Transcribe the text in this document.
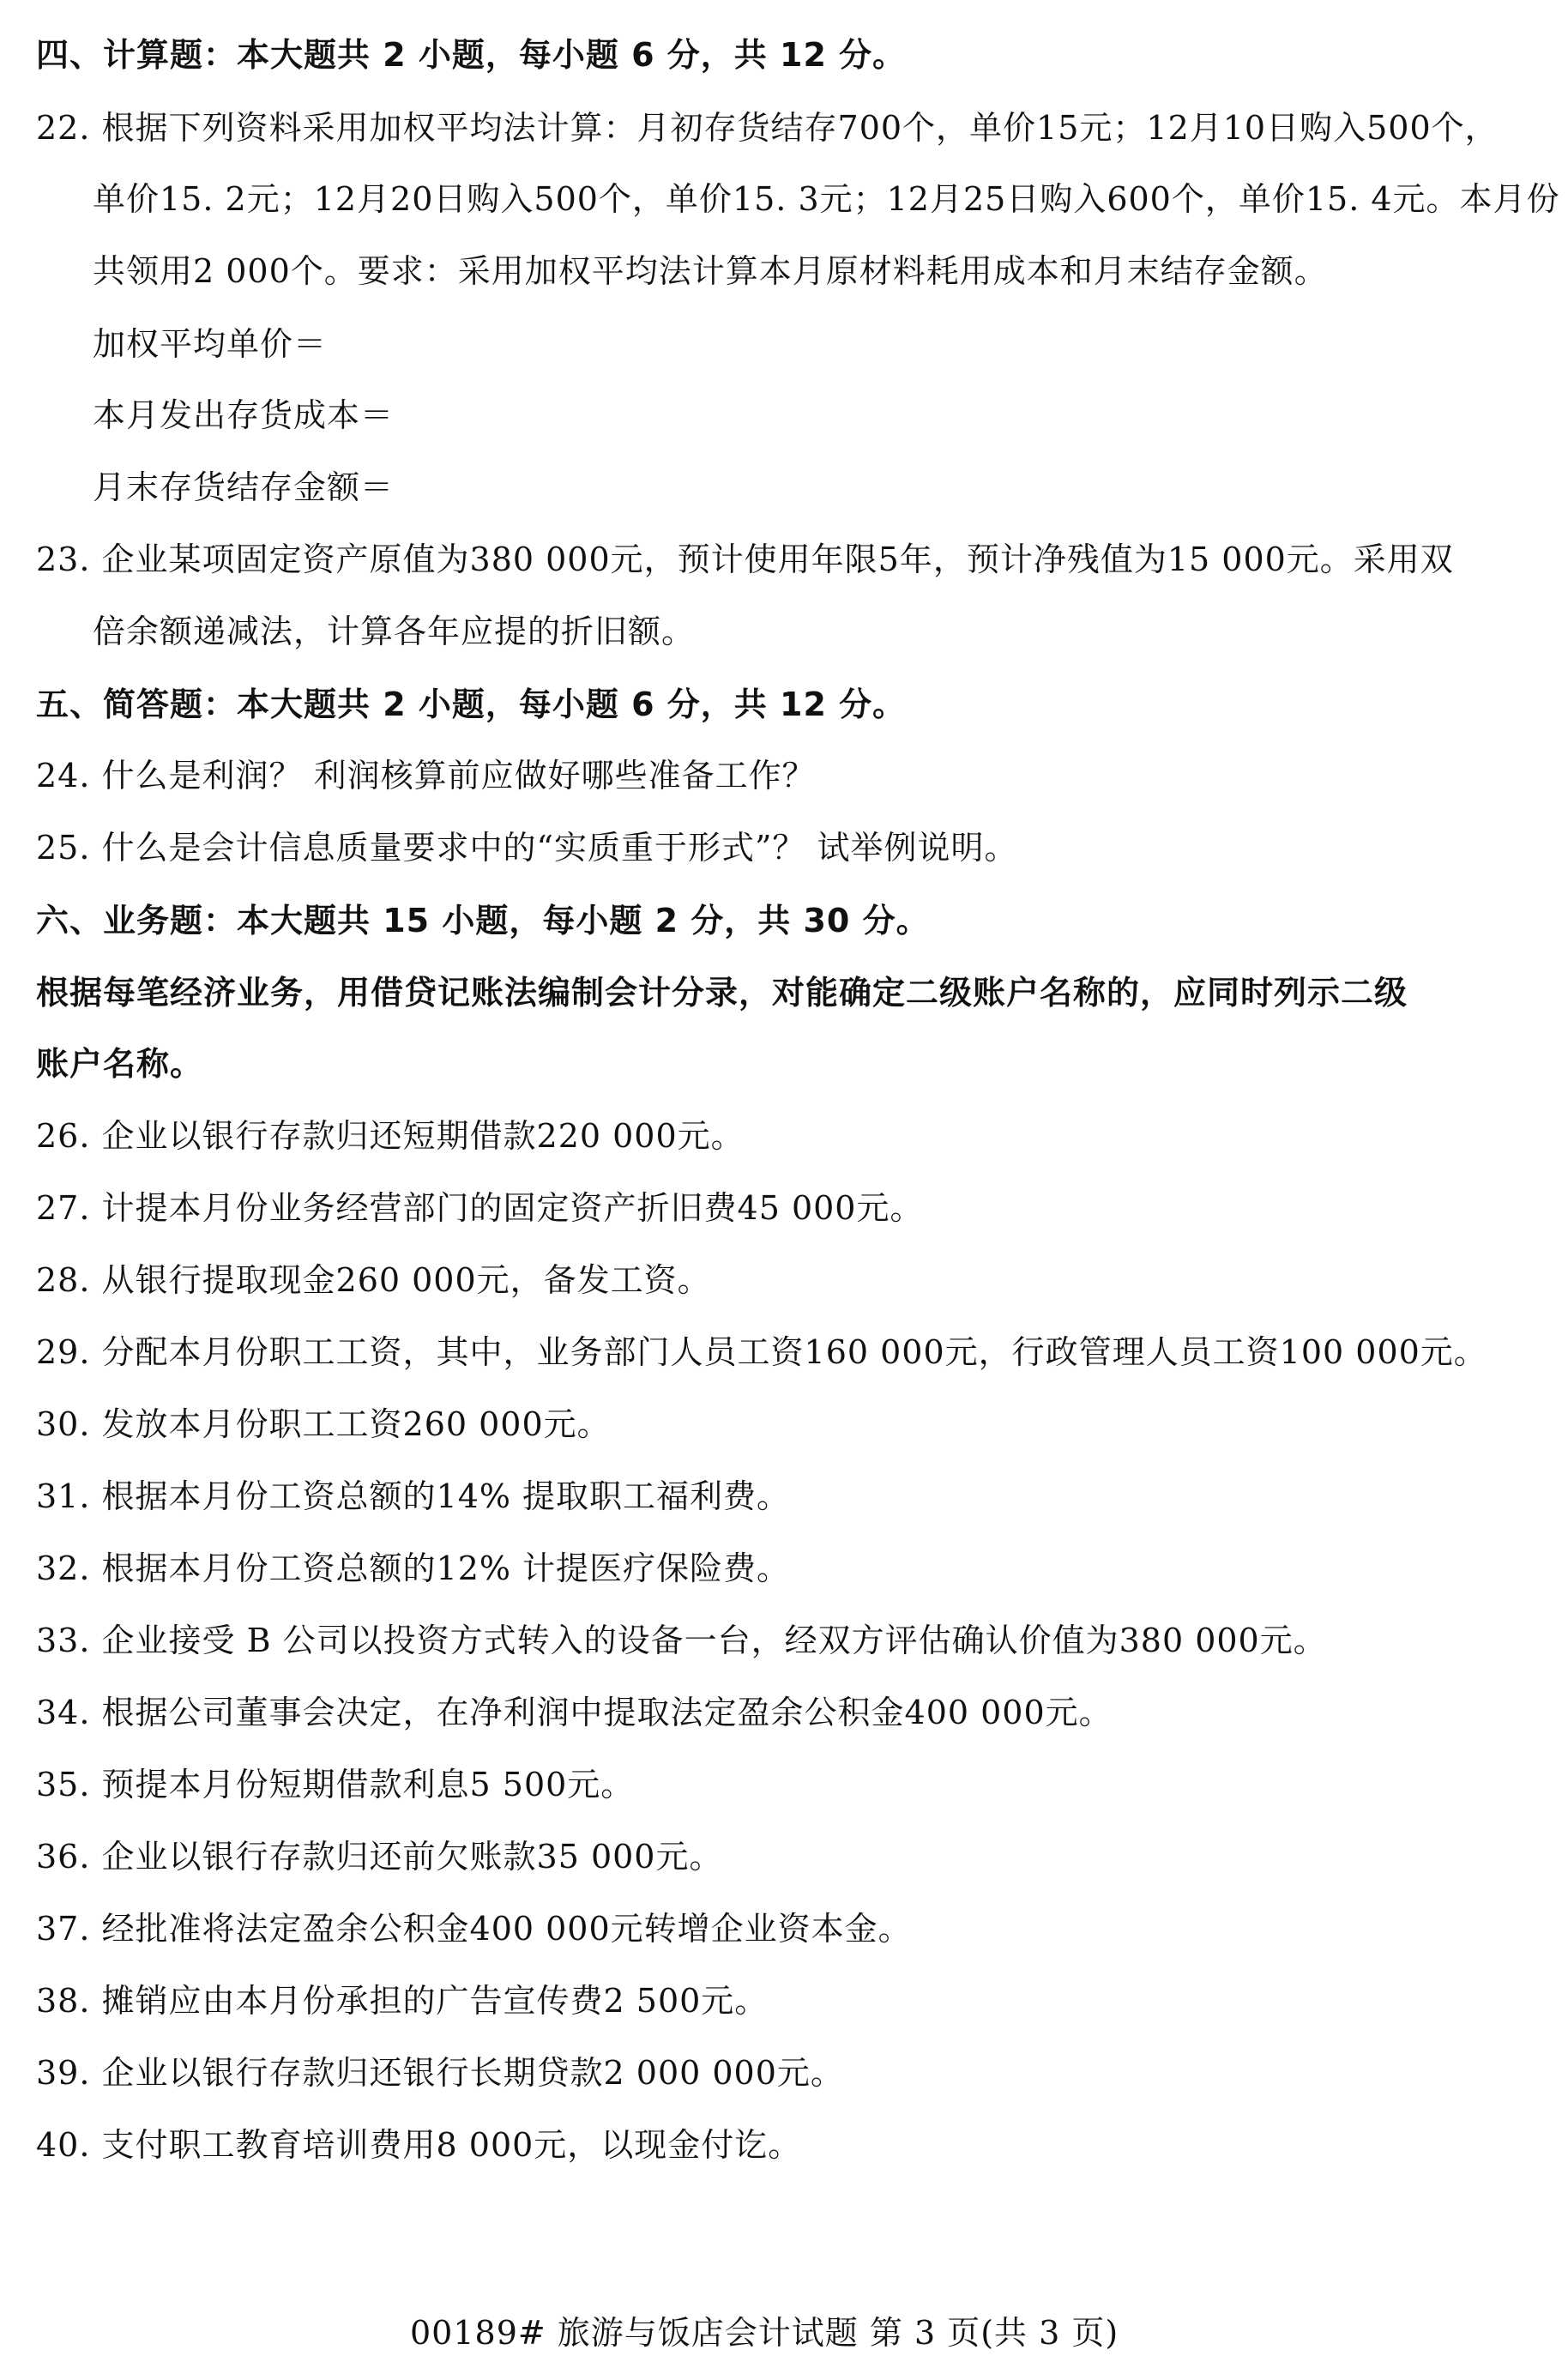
四、计算题：本大题共 2 小题，每小题 6 分，共 12 分。
22. 根据下列资料采用加权平均法计算：月初存货结存700个，单价15元；12月10日购入500个，
单价15. 2元；12月20日购入500个，单价15. 3元；12月25日购入600个，单价15. 4元。本月份
共领用2 000个。要求：采用加权平均法计算本月原材料耗用成本和月末结存金额。
加权平均单价＝
本月发出存货成本＝
月末存货结存金额＝
23. 企业某项固定资产原值为380 000元，预计使用年限5年，预计净残值为15 000元。采用双
倍余额递减法，计算各年应提的折旧额。
五、简答题：本大题共 2 小题，每小题 6 分，共 12 分。
24. 什么是利润？ 利润核算前应做好哪些准备工作？
25. 什么是会计信息质量要求中的“实质重于形式”？ 试举例说明。
六、业务题：本大题共 15 小题，每小题 2 分，共 30 分。
根据每笔经济业务，用借贷记账法编制会计分录，对能确定二级账户名称的，应同时列示二级
账户名称。
26. 企业以银行存款归还短期借款220 000元。
27. 计提本月份业务经营部门的固定资产折旧费45 000元。
28. 从银行提取现金260 000元，备发工资。
29. 分配本月份职工工资，其中，业务部门人员工资160 000元，行政管理人员工资100 000元。
30. 发放本月份职工工资260 000元。
31. 根据本月份工资总额的14% 提取职工福利费。
32. 根据本月份工资总额的12% 计提医疗保险费。
33. 企业接受 B 公司以投资方式转入的设备一台，经双方评估确认价值为380 000元。
34. 根据公司董事会决定，在净利润中提取法定盈余公积金400 000元。
35. 预提本月份短期借款利息5 500元。
36. 企业以银行存款归还前欠账款35 000元。
37. 经批准将法定盈余公积金400 000元转增企业资本金。
38. 摊销应由本月份承担的广告宣传费2 500元。
39. 企业以银行存款归还银行长期贷款2 000 000元。
40. 支付职工教育培训费用8 000元，以现金付讫。
00189# 旅游与饭店会计试题 第 3 页(共 3 页)
